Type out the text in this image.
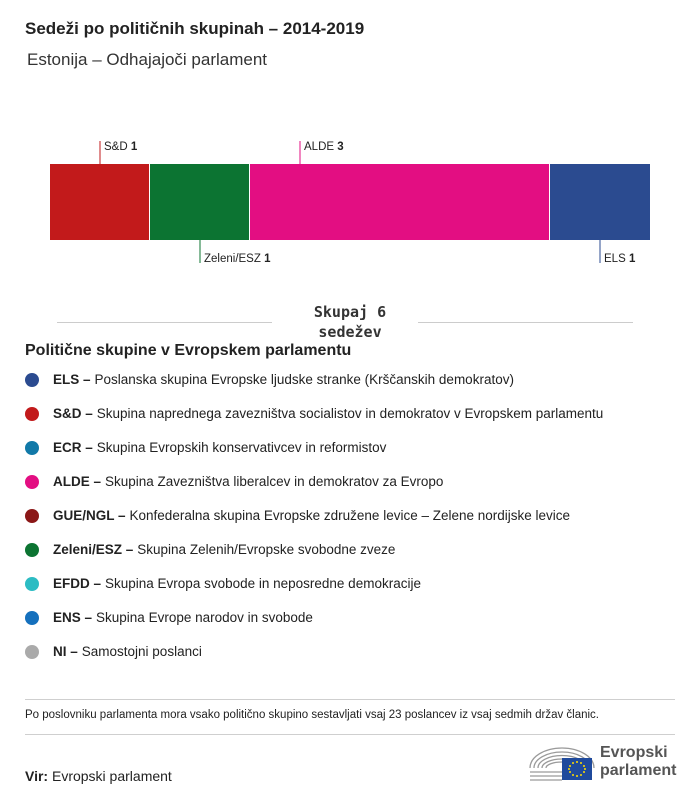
Sedeži po političnih skupinah – 2014-2019
Estonija – Odhajajoči parlament
S&D 1
Zeleni/ESZ 1
ALDE 3
ELS 1
Skupaj 6
sedežev
Politične skupine v Evropskem parlamentu
ELS – Poslanska skupina Evropske ljudske stranke (Krščanskih demokratov)
S&D – Skupina naprednega zavezništva socialistov in demokratov v Evropskem parlamentu
ECR – Skupina Evropskih konservativcev in reformistov
ALDE – Skupina Zavezništva liberalcev in demokratov za Evropo
GUE/NGL – Konfederalna skupina Evropske združene levice – Zelene nordijske levice
Zeleni/ESZ – Skupina Zelenih/Evropske svobodne zveze
EFDD – Skupina Evropa svobode in neposredne demokracije
ENS – Skupina Evrope narodov in svobode
NI – Samostojni poslanci
Po poslovniku parlamenta mora vsako politično skupino sestavljati vsaj 23 poslancev iz vsaj sedmih držav članic.
Vir: Evropski parlament
Evropski
parlament
